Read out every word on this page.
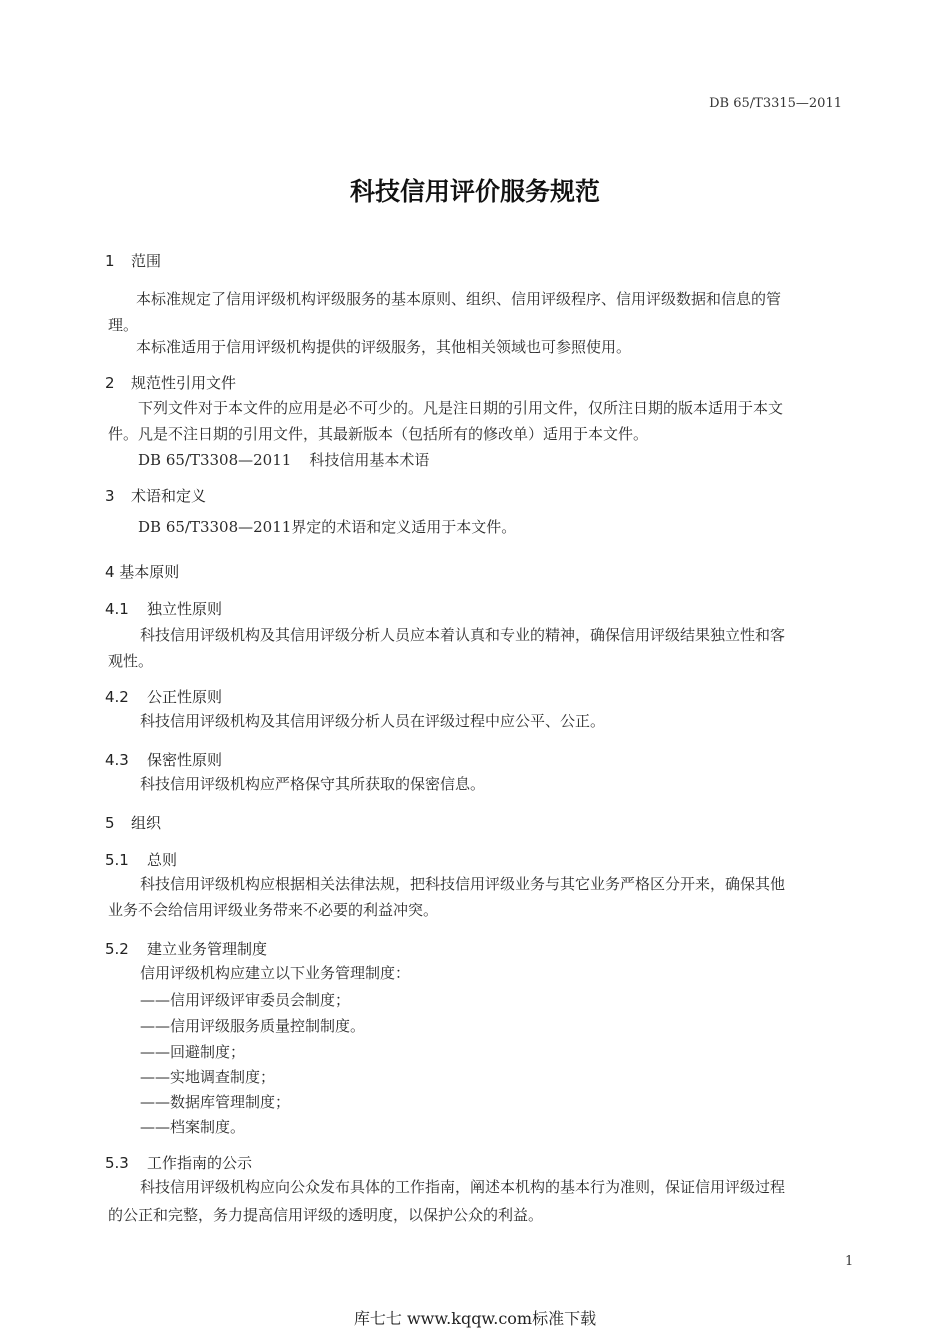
DB 65/T3315—2011
科技信用评价服务规范
1 范围
本标准规定了信用评级机构评级服务的基本原则、组织、信用评级程序、信用评级数据和信息的管
理。
本标准适用于信用评级机构提供的评级服务，其他相关领域也可参照使用。
2 规范性引用文件
下列文件对于本文件的应用是必不可少的。凡是注日期的引用文件，仅所注日期的版本适用于本文
件。凡是不注日期的引用文件，其最新版本（包括所有的修改单）适用于本文件。
DB 65/T3308—2011 科技信用基本术语
3 术语和定义
DB 65/T3308—2011界定的术语和定义适用于本文件。
4 基本原则
4.1 独立性原则
科技信用评级机构及其信用评级分析人员应本着认真和专业的精神，确保信用评级结果独立性和客
观性。
4.2 公正性原则
科技信用评级机构及其信用评级分析人员在评级过程中应公平、公正。
4.3 保密性原则
科技信用评级机构应严格保守其所获取的保密信息。
5 组织
5.1 总则
科技信用评级机构应根据相关法律法规，把科技信用评级业务与其它业务严格区分开来，确保其他
业务不会给信用评级业务带来不必要的利益冲突。
5.2 建立业务管理制度
信用评级机构应建立以下业务管理制度：
——信用评级评审委员会制度；
——信用评级服务质量控制制度。
——回避制度；
——实地调查制度；
——数据库管理制度；
——档案制度。
5.3 工作指南的公示
科技信用评级机构应向公众发布具体的工作指南，阐述本机构的基本行为准则，保证信用评级过程
的公正和完整，务力提高信用评级的透明度，以保护公众的利益。
1
库七七 www.kqqw.com标准下载
